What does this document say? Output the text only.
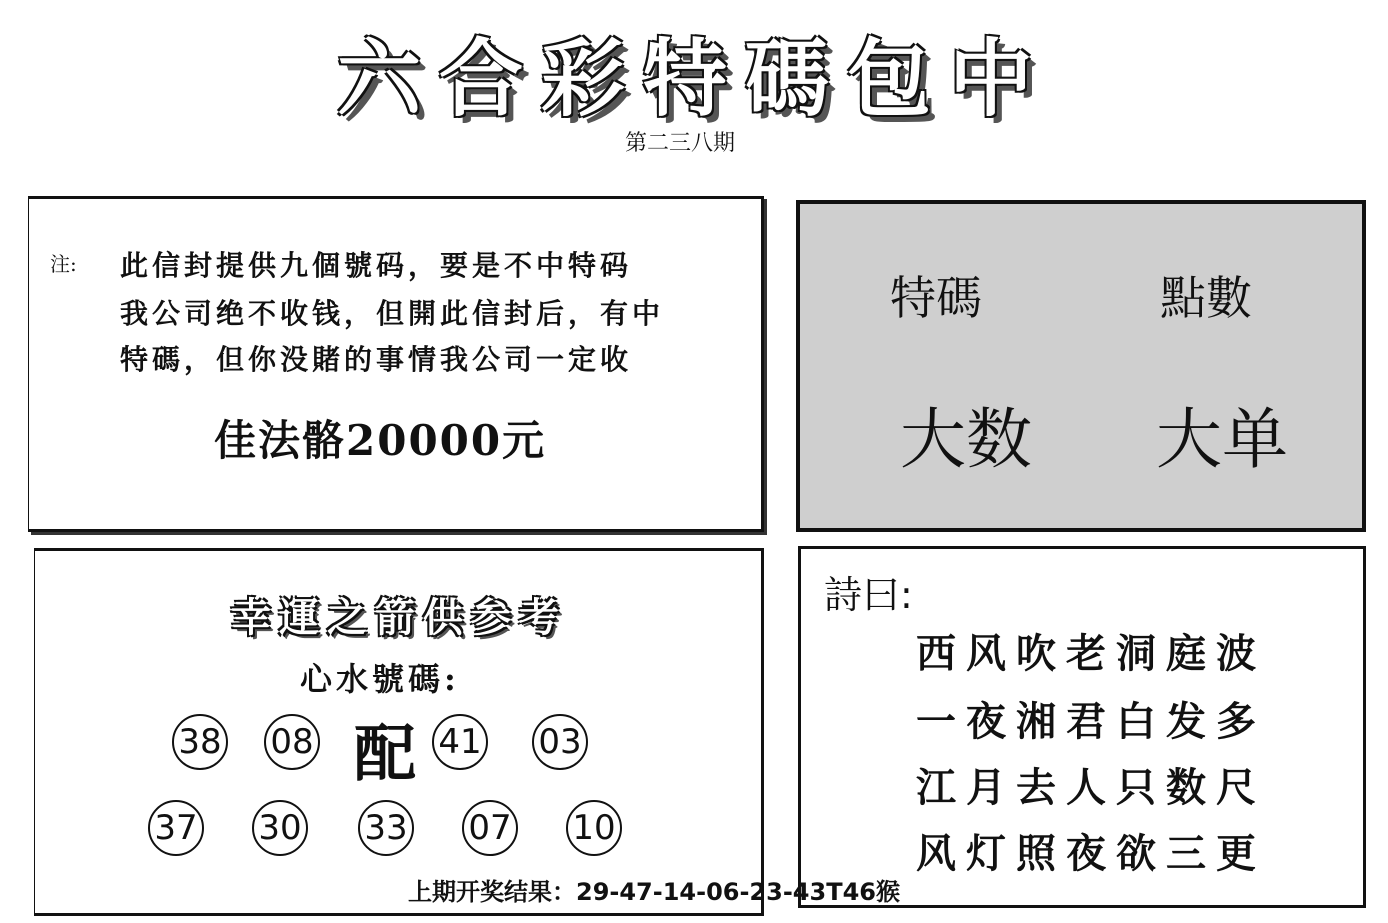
六合彩特碼包中
第二三八期
注: 此信封提供九個號码，要是不中特码
我公司绝不收钱，但開此信封后，有中
特碼，但你没賭的事情我公司一定收
佳法骼20000元
特碼	點數
大数 大单
幸運之箭供参考
心水號碼:
38 08 配 41 03
37 30 33 07 10
詩曰:
西风吹老洞庭波
一夜湘君白发多
江月去人只数尺
风灯照夜欲三更
上期开奖结果：29-47-14-06-23-43T46猴
